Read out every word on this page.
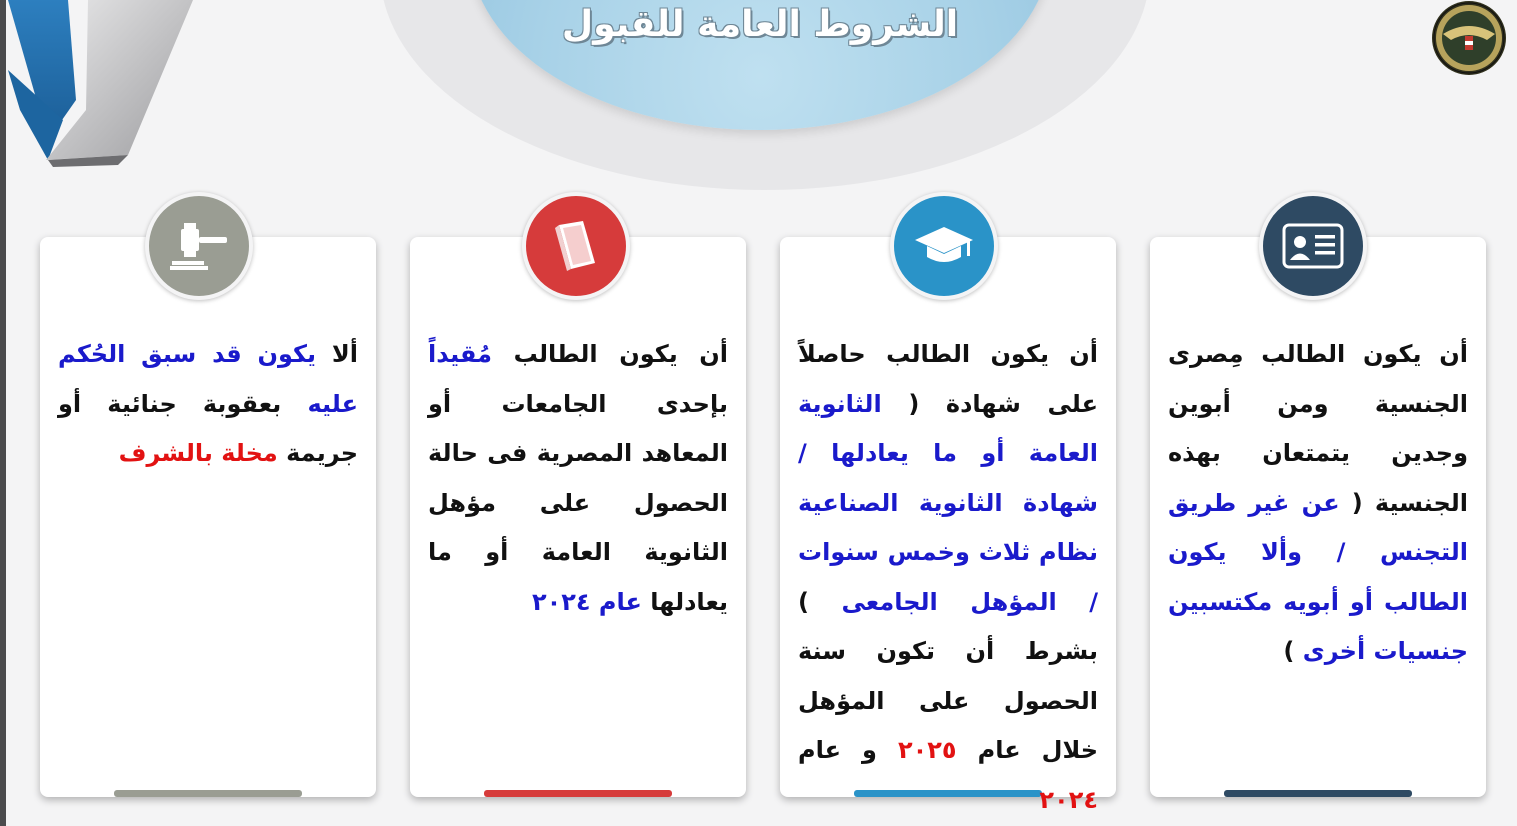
الشروط العامة للقبول
أن يكون الطالب مِصرى الجنسية ومن أبوين وجدين يتمتعان بهذه الجنسية ( عن غير طريق التجنس / وألا يكون الطالب أو أبويه مكتسبين جنسيات أخرى )
أن يكون الطالب حاصلاً على شهادة ( الثانوية العامة أو ما يعادلها / شهادة الثانوية الصناعية نظام ثلاث وخمس سنوات / المؤهل الجامعى ) بشرط أن تكون سنة الحصول على المؤهل خلال عام ٢٠٢٥ و عام ٢٠٢٤
أن يكون الطالب مُقيداً بإحدى الجامعات أو المعاهد المصرية فى حالة الحصول على مؤهل الثانوية العامة أو ما يعادلها عام ٢٠٢٤
ألا يكون قد سبق الحُكم عليه بعقوبة جنائية أو جريمة مخلة بالشرف
